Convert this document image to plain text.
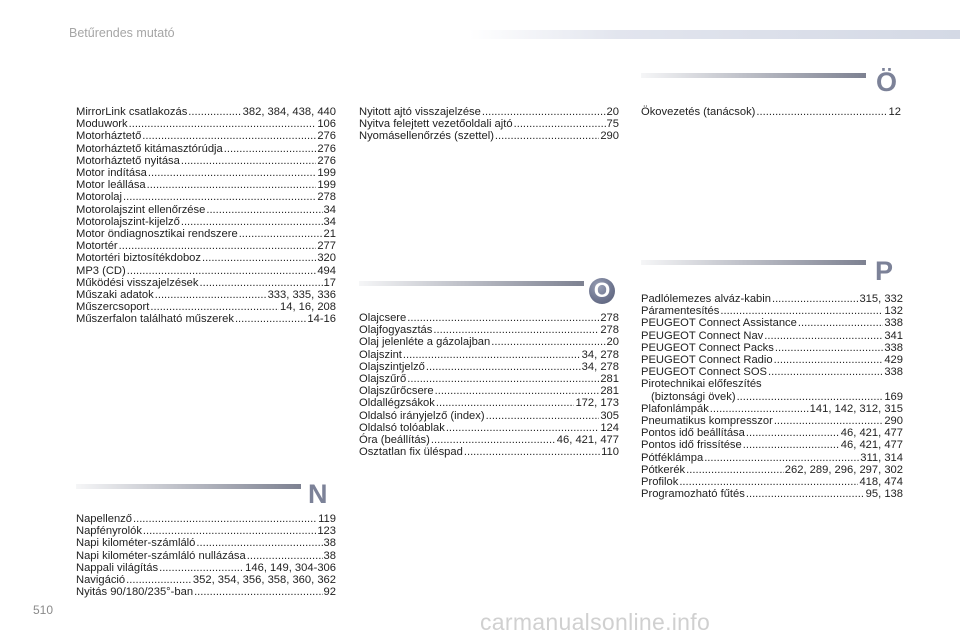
Betűrendes mutató
MirrorLink csatlakozás .....	382, 384, 438, 440
Moduwork .....	106
Motorháztető .....	276
Motorháztető kitámasztórúdja .....	276
Motorháztető nyitása .....	276
Motor indítása .....	199
Motor leállása .....	199
Motorolaj .....	278
Motorolajszint ellenőrzése .....	34
Motorolajszint-kijelző .....	34
Motor öndiagnosztikai rendszere .....	21
Motortér .....	277
Motortéri biztosítékdoboz .....	320
MP3 (CD) .....	494
Működési visszajelzések .....	17
Műszaki adatok .....	333, 335, 336
Műszercsoport .....	14, 16, 208
Műszerfalon található műszerek .....	14-16
Nyitott ajtó visszajelzése .....	20
Nyitva felejtett vezetőoldali ajtó .....	75
Nyomásellenőrzés (szettel) .....	290
Ö
Ökovezetés (tanácsok) .....	12
O
Olajcsere .....	278
Olajfogyasztás .....	278
Olaj jelenléte a gázolajban .....	20
Olajszint .....	34, 278
Olajszintjelző .....	34, 278
Olajszűrő .....	281
Olajszűrőcsere .....	281
Oldallégzsákok .....	172, 173
Oldalsó irányjelző (index) .....	305
Oldalsó tolóablak .....	124
Óra (beállítás) .....	46, 421, 477
Osztatlan fix üléspad .....	110
P
Padlólemezes alváz-kabin .....	315, 332
Páramentesítés .....	132
PEUGEOT Connect Assistance .....	338
PEUGEOT Connect Nav .....	341
PEUGEOT Connect Packs .....	338
PEUGEOT Connect Radio .....	429
PEUGEOT Connect SOS .....	338
Pirotechnikai előfeszítés
(biztonsági övek) .....	169
Plafonlámpák .....	141, 142, 312, 315
Pneumatikus kompresszor .....	290
Pontos idő beállítása .....	46, 421, 477
Pontos idő frissítése .....	46, 421, 477
Pótféklámpa .....	311, 314
Pótkerék .....	262, 289, 296, 297, 302
Profilok .....	418, 474
Programozható fűtés .....	95, 138
N
Napellenző .....	119
Napfényrolók .....	123
Napi kilométer-számláló .....	38
Napi kilométer-számláló nullázása .....	38
Nappali világítás .....	146, 149, 304-306
Navigáció .....	352, 354, 356, 358, 360, 362
Nyitás 90/180/235°-ban .....	92
510	carmanualsonline.info
